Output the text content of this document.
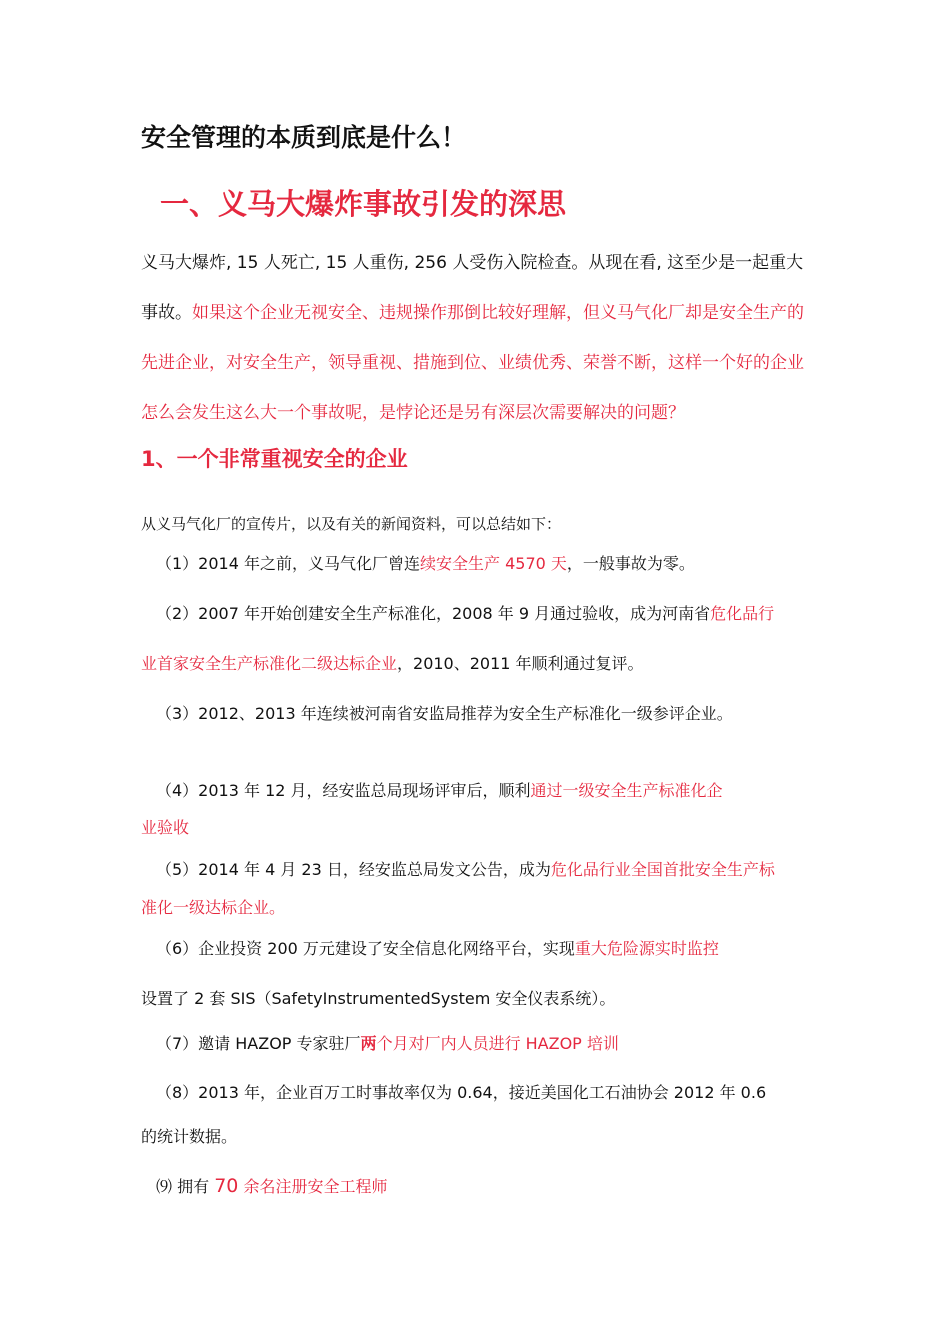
安全管理的本质到底是什么！
一、义马大爆炸事故引发的深思

义马大爆炸, 15 人死亡, 15 人重伤, 256 人受伤入院检查。从现在看, 这至少是一起重大事故。如果这个企业无视安全、违规操作那倒比较好理解，但义马气化厂却是安全生产的先进企业，对安全生产，领导重视、措施到位、业绩优秀、荣誉不断，这样一个好的企业怎么会发生这么大一个事故呢，是悖论还是另有深层次需要解决的问题？

1、一个非常重视安全的企业

从义马气化厂的宣传片，以及有关的新闻资料，可以总结如下：

（1）2014 年之前，义马气化厂曾连续安全生产 4570 天，一般事故为零。

（2）2007 年开始创建安全生产标准化，2008 年 9 月通过验收，成为河南省危化品行

业首家安全生产标准化二级达标企业，2010、2011 年顺利通过复评。

（3）2012、2013 年连续被河南省安监局推荐为安全生产标准化一级参评企业。

（4）2013 年 12 月，经安监总局现场评审后，顺利通过一级安全生产标准化企

业验收

（5）2014 年 4 月 23 日，经安监总局发文公告，成为危化品行业全国首批安全生产标

准化一级达标企业。

（6）企业投资 200 万元建设了安全信息化网络平台，实现重大危险源实时监控

设置了 2 套 SIS（SafetyInstrumentedSystem 安全仪表系统）。

（7）邀请 HAZOP 专家驻厂两个月对厂内人员进行 HAZOP 培训

（8）2013 年，企业百万工时事故率仅为 0.64，接近美国化工石油协会 2012 年 0.6

的统计数据。

⑼ 拥有 70 余名注册安全工程师
